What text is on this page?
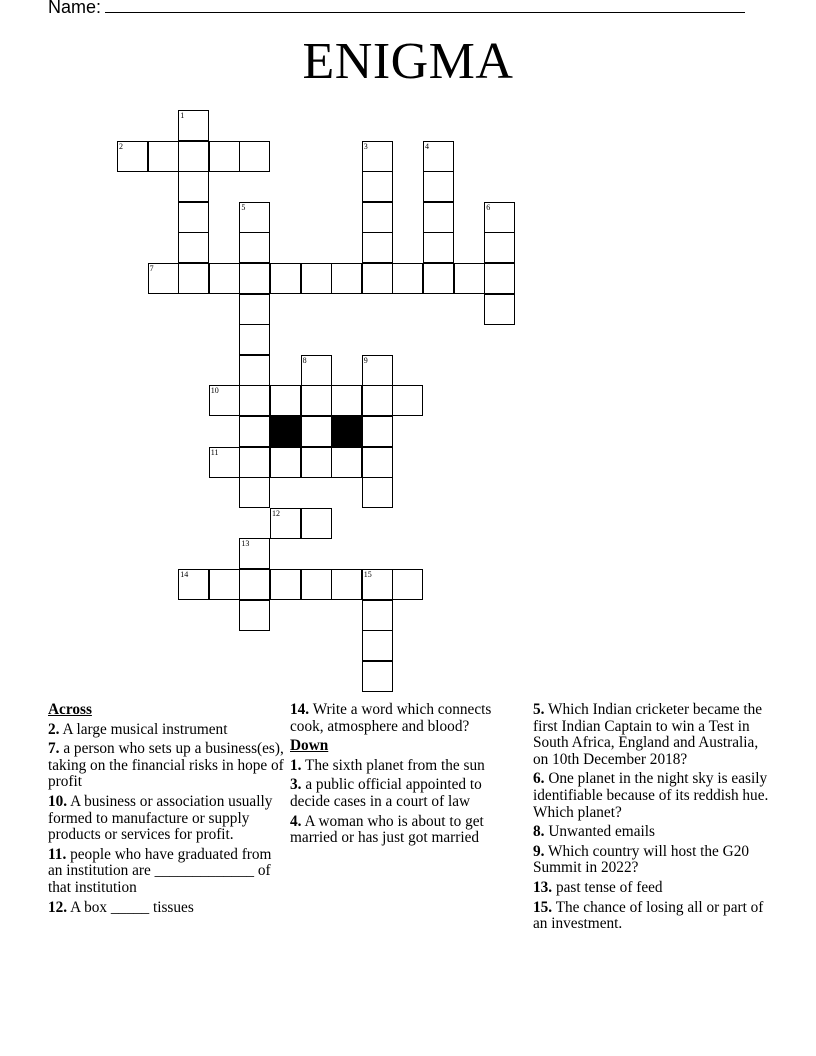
Name:
ENIGMA
1
2	3	4
5	6
7
8	9
10
11
12
13
14	15
Across
2. A large musical instrument
7. a person who sets up a business(es), taking on the financial risks in hope of profit
10. A business or association usually formed to manufacture or supply products or services for profit.
11. people who have graduated from an institution are _____________ of that institution
12. A box _____ tissues
14. Write a word which connects cook, atmosphere and blood?
Down
1. The sixth planet from the sun
3. a public official appointed to decide cases in a court of law
4. A woman who is about to get married or has just got married
5. Which Indian cricketer became the first Indian Captain to win a Test in South Africa, England and Australia, on 10th December 2018?
6. One planet in the night sky is easily identifiable because of its reddish hue. Which planet?
8. Unwanted emails
9. Which country will host the G20 Summit in 2022?
13. past tense of feed
15. The chance of losing all or part of an investment.
